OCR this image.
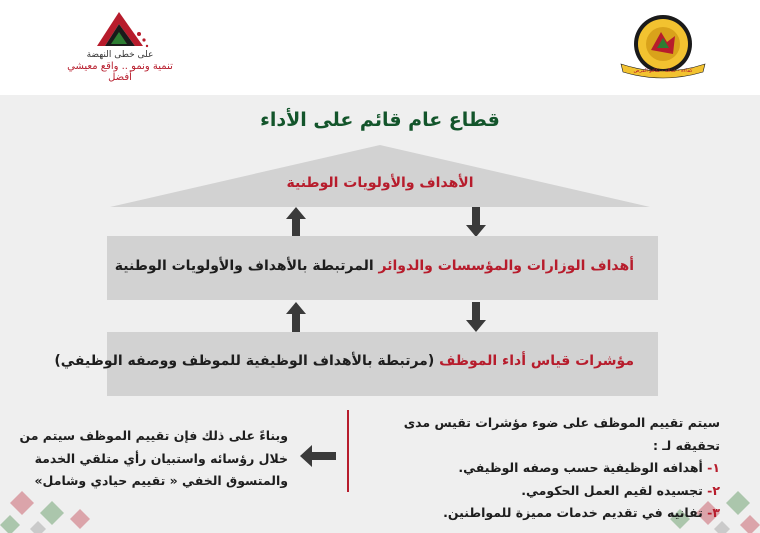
كفاءة - عدالة - تكافؤ الفرص
على خطى النهضة
تنمية ونمو .. واقع معيشي أفضل
قطاع عام قائم على الأداء
الأهداف والأولويات الوطنية
أهداف الوزارات والمؤسسات والدوائر المرتبطة بالأهداف والأولويات الوطنية
مؤشرات قياس أداء الموظف (مرتبطة بالأهداف الوظيفية للموظف ووصفه الوظيفي)
سيتم تقييم الموظف على ضوء مؤشرات تقيس مدى تحقيقه لـ :
١- أهدافه الوظيفية حسب وصفه الوظيفي.
٢- تجسيده لقيم العمل الحكومي.
٣- تفانيه في تقديم خدمات مميزة للمواطنين.
وبناءً على ذلك فإن تقييم الموظف سيتم من
خلال رؤسائه واستبيان رأي متلقي الخدمة
والمتسوق الخفي « تقييم حيادي وشامل»
